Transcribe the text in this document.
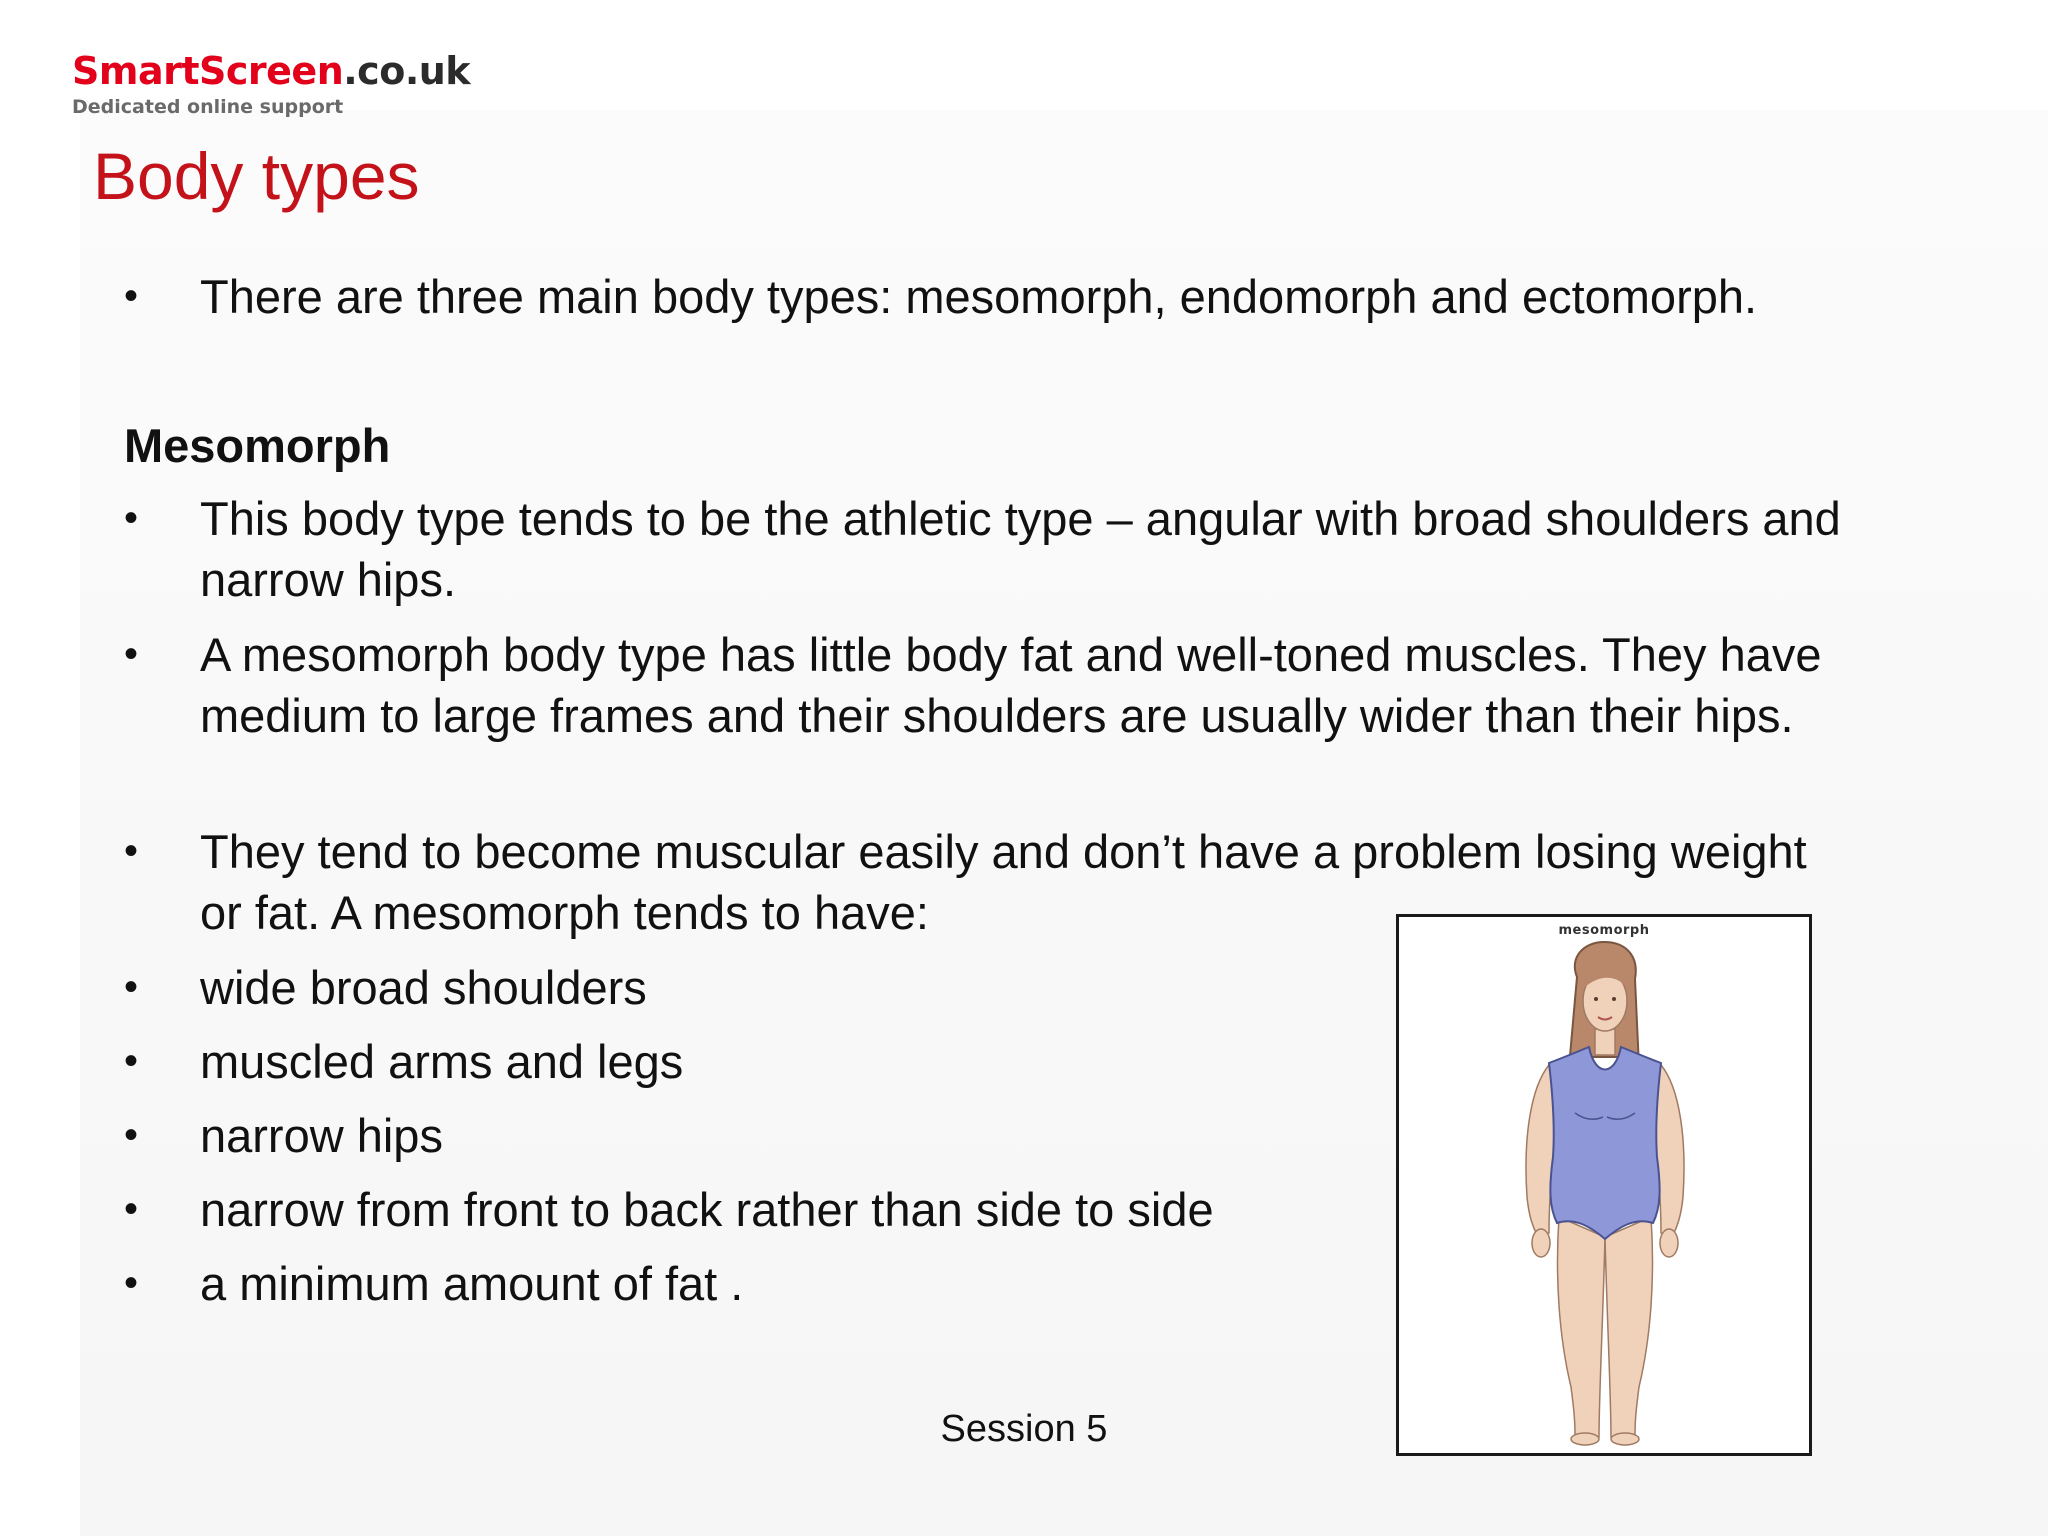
SmartScreen.co.uk
Dedicated online support
Body types
• There are three main body types: mesomorph, endomorph and ectomorph.
Mesomorph
• This body type tends to be the athletic type – angular with broad shoulders and narrow hips.
• A mesomorph body type has little body fat and well-toned muscles. They have medium to large frames and their shoulders are usually wider than their hips.
• They tend to become muscular easily and don’t have a problem losing weight or fat. A mesomorph tends to have:
• wide broad shoulders
• muscled arms and legs
• narrow hips
• narrow from front to back rather than side to side
• a minimum amount of fat .
mesomorph
Session 5
